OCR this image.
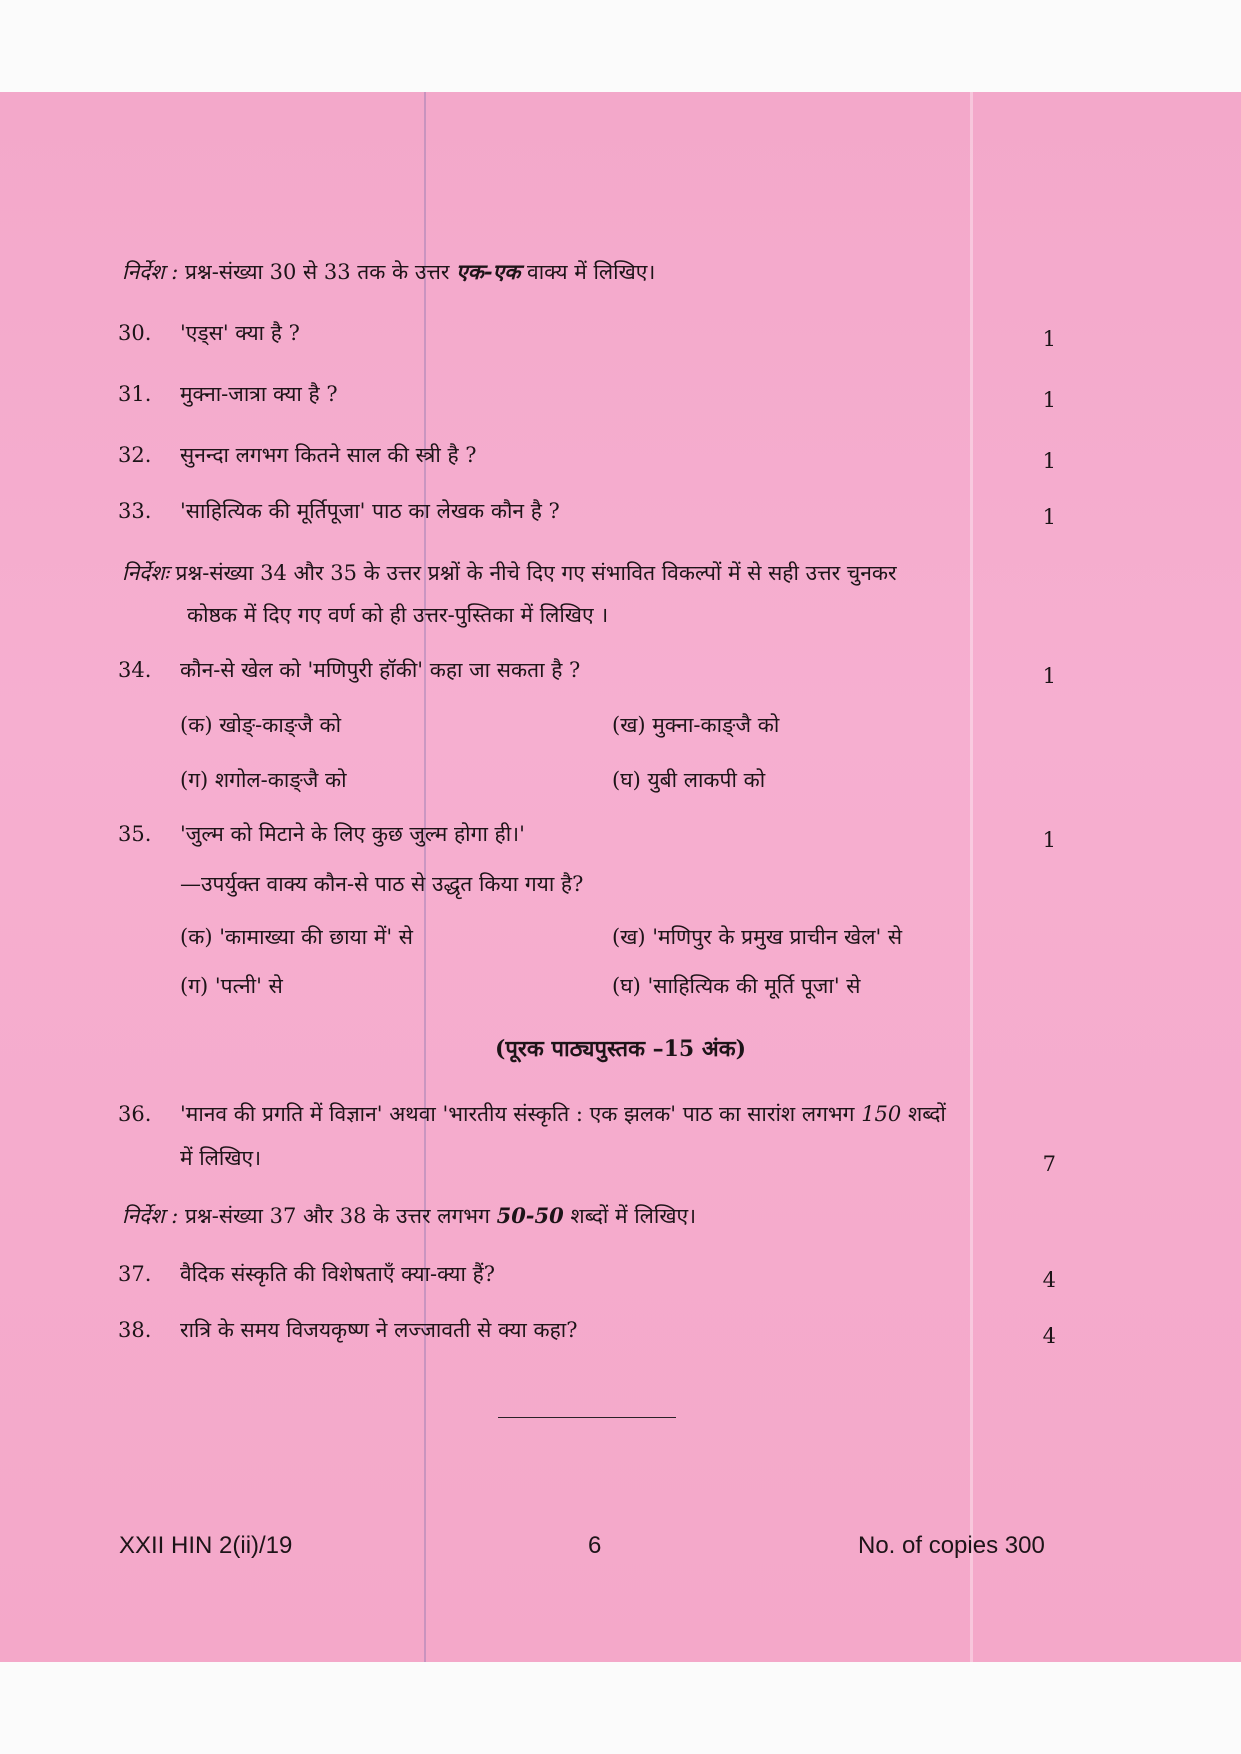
निर्देश : प्रश्न-संख्या 30 से 33 तक के उत्तर एक-एक वाक्य में लिखिए।
30. 'एड्स' क्या है ?	1
31. मुक्ना-जात्रा क्या है ?	1
32. सुनन्दा लगभग कितने साल की स्त्री है ?	1
33. 'साहित्यिक की मूर्तिपूजा' पाठ का लेखक कौन है ?	1
निर्देशः प्रश्न-संख्या 34 और 35 के उत्तर प्रश्नों के नीचे दिए गए संभावित विकल्पों में से सही उत्तर चुनकर
कोष्ठक में दिए गए वर्ण को ही उत्तर-पुस्तिका में लिखिए ।
34. कौन-से खेल को 'मणिपुरी हॉकी' कहा जा सकता है ?	1
(क) खोङ्-काङ्जै को	(ख) मुक्ना-काङ्जै को
(ग) शगोल-काङ्जै को	(घ) युबी लाकपी को
35. 'जुल्म को मिटाने के लिए कुछ जुल्म होगा ही।'	1
—उपर्युक्त वाक्य कौन-से पाठ से उद्धृत किया गया है?
(क) 'कामाख्या की छाया में' से	(ख) 'मणिपुर के प्रमुख प्राचीन खेल' से
(ग) 'पत्नी' से	(घ) 'साहित्यिक की मूर्ति पूजा' से
(पूरक पाठ्यपुस्तक –15 अंक)
36. 'मानव की प्रगति में विज्ञान' अथवा 'भारतीय संस्कृति : एक झलक' पाठ का सारांश लगभग 150 शब्दों
में लिखिए।	7
निर्देश : प्रश्न-संख्या 37 और 38 के उत्तर लगभग 50-50 शब्दों में लिखिए।
37. वैदिक संस्कृति की विशेषताएँ क्या-क्या हैं?	4
38. रात्रि के समय विजयकृष्ण ने लज्जावती से क्या कहा?	4
XXII HIN 2(ii)/19	6	No. of copies 300
